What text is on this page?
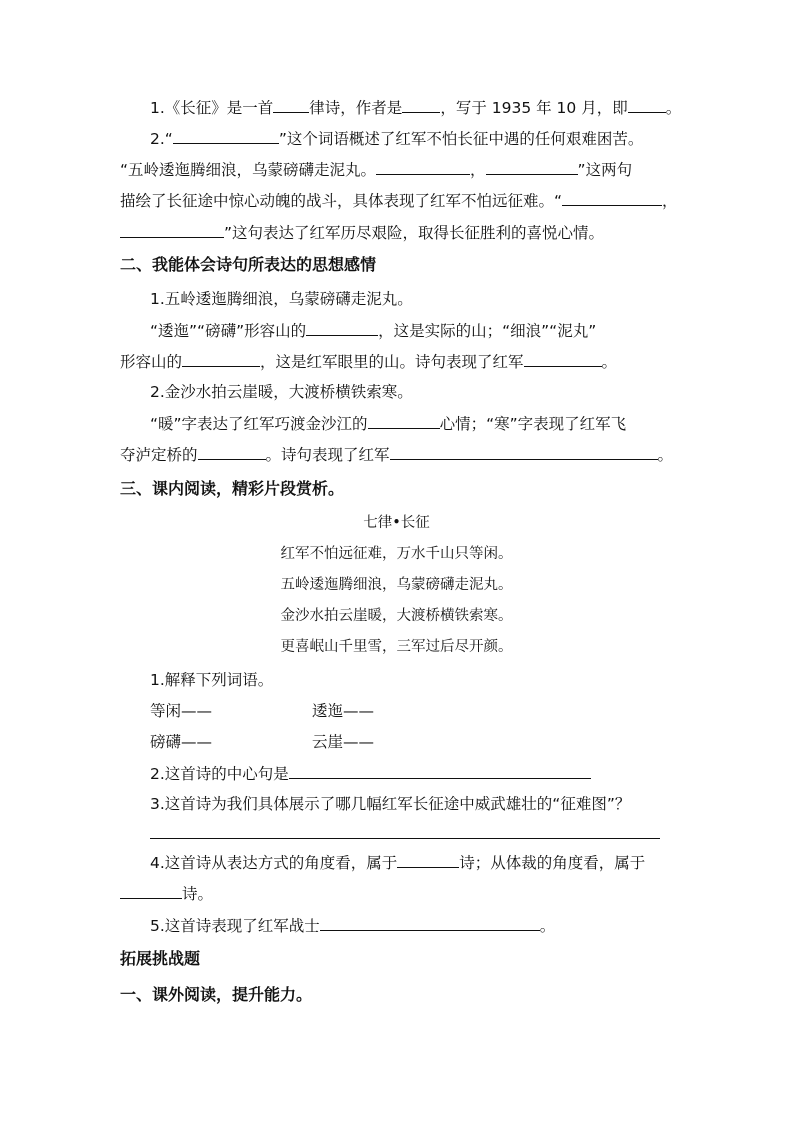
1.《长征》是一首 律诗，作者是 ，写于 1935 年 10 月，即 。
2.“	”这个词语概述了红军不怕长征中遇的任何艰难困苦。
“五岭逶迤腾细浪，乌蒙磅礴走泥丸。	，	”这两句
描绘了长征途中惊心动魄的战斗，具体表现了红军不怕远征难。“	，
”这句表达了红军历尽艰险，取得长征胜利的喜悦心情。
二、我能体会诗句所表达的思想感情
1.五岭逶迤腾细浪，乌蒙磅礴走泥丸。
“逶迤”“磅礴”形容山的	，这是实际的山；“细浪”“泥丸”
形容山的	，这是红军眼里的山。诗句表现了红军	。
2.金沙水拍云崖暖，大渡桥横铁索寒。
“暖”字表达了红军巧渡金沙江的	心情；“寒”字表现了红军飞
夺泸定桥的	。诗句表现了红军	。
三、课内阅读，精彩片段赏析。
七律•长征
红军不怕远征难，万水千山只等闲。
五岭逶迤腾细浪，乌蒙磅礴走泥丸。
金沙水拍云崖暖，大渡桥横铁索寒。
更喜岷山千里雪，三军过后尽开颜。
1.解释下列词语。
等闲——	逶迤——
磅礴——	云崖——
2.这首诗的中心句是
3.这首诗为我们具体展示了哪几幅红军长征途中威武雄壮的“征难图”？
4.这首诗从表达方式的角度看，属于	诗；从体裁的角度看，属于
诗。
5.这首诗表现了红军战士	。
拓展挑战题
一、课外阅读，提升能力。
